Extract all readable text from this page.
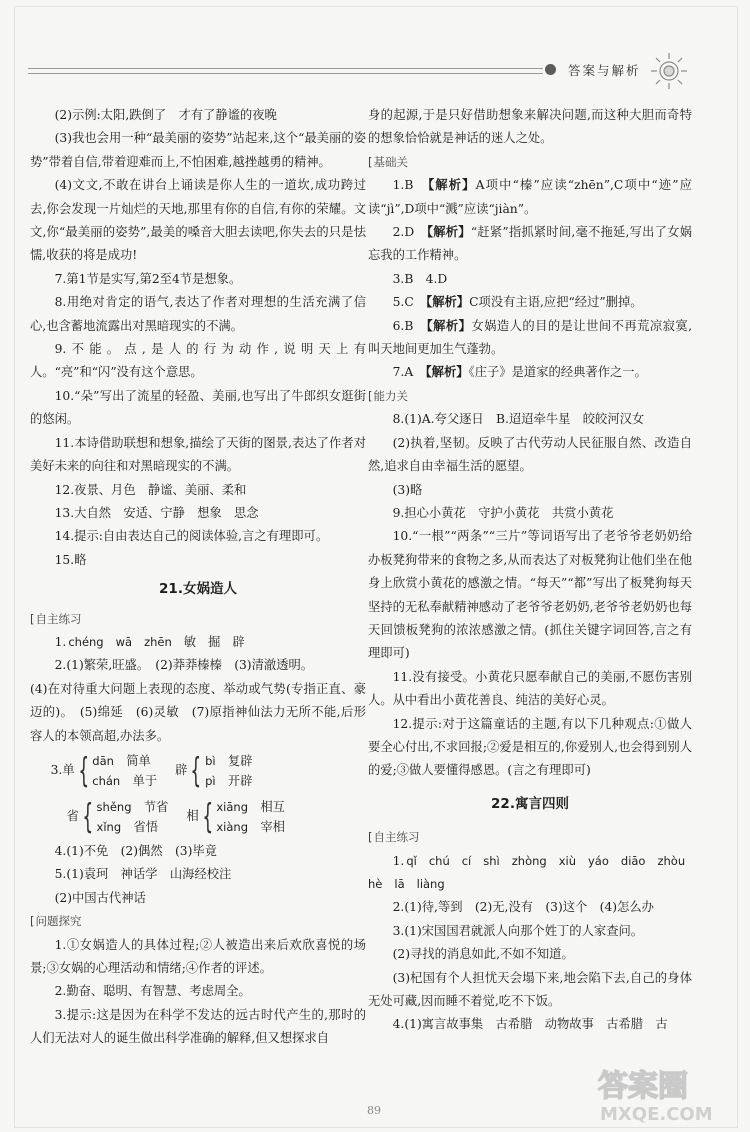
答案与解析

(2)示例:太阳,跌倒了　才有了静谧的夜晚

(3)我也会用一种“最美丽的姿势”站起来,这个“最美丽的姿势”带着自信,带着迎难而上,不怕困难,越挫越勇的精神。

(4)文文,不敢在讲台上诵读是你人生的一道坎,成功跨过去,你会发现一片灿烂的天地,那里有你的自信,有你的荣耀。文文,你“最美丽的姿势”,最美的嗓音大胆去读吧,你失去的只是怯懦,收获的将是成功!

7.第1节是实写,第2至4节是想象。

8.用绝对肯定的语气,表达了作者对理想的生活充满了信心,也含蓄地流露出对黑暗现实的不满。

9.不能。点,是人的行为动作,说明天上有人。“亮”和“闪”没有这个意思。

10.“朵”写出了流星的轻盈、美丽,也写出了牛郎织女逛街的悠闲。

11.本诗借助联想和想象,描绘了天街的图景,表达了作者对美好未来的向往和对黑暗现实的不满。

12.夜景、月色　静谧、美丽、柔和

13.大自然　安适、宁静　想象　思念

14.提示:自由表达自己的阅读体验,言之有理即可。

15.略

21.女娲造人

[ 自主练习

1. chéng wā zhēn 敏 掘 辟

2.(1)繁荣,旺盛。　(2)莽莽榛榛　(3)清澈透明。

(4)在对待重大问题上表现的态度、举动或气势(专指正直、豪迈的)。　(5)绵延　(6)灵敏　(7)原指神仙法力无所不能,后形容人的本领高超,办法多。

3.单 { dān　 简单
chán　 单于
辟 { bì　 复辟
pì　 开辟
省 { shěng　 节省
xǐng　 省悟
相 { xiāng　 相互
xiàng　 宰相

4.(1)不免　(2)偶然　(3)毕竟

5.(1)袁珂　神话学　山海经校注

(2)中国古代神话

[ 问题探究

1.①女娲造人的具体过程;②人被造出来后欢欣喜悦的场景;③女娲的心理活动和情绪;④作者的评述。

2.勤奋、聪明、有智慧、考虑周全。

3.提示:这是因为在科学不发达的远古时代产生的,那时的人们无法对人的诞生做出科学准确的解释,但又想探求自

身的起源,于是只好借助想象来解决问题,而这种大胆而奇特的想象恰恰就是神话的迷人之处。

[ 基础关

1.B　 【解析】A项中“榛”应读“zhēn”,C项中“迹”应读“jì”,D项中“溅”应读“jiàn”。

2.D　 【解析】“赶紧”指抓紧时间,毫不拖延,写出了女娲忘我的工作精神。

3.B　4.D

5.C　 【解析】C项没有主语,应把“经过”删掉。

6.B　 【解析】女娲造人的目的是让世间不再荒凉寂寞,叫天地间更加生气蓬勃。

7.A　 【解析】《庄子》是道家的经典著作之一。

[ 能力关

8.(1)A.夸父逐日　B.迢迢牵牛星　皎皎河汉女

(2)执着,坚韧。反映了古代劳动人民征服自然、改造自然,追求自由幸福生活的愿望。

(3)略

9.担心小黄花　守护小黄花　共赏小黄花

10.“一根”“两条”“三片”等词语写出了老爷爷老奶奶给办板凳狗带来的食物之多,从而表达了对板凳狗让他们坐在他身上欣赏小黄花的感激之情。“每天”“都”写出了板凳狗每天坚持的无私奉献精神感动了老爷爷老奶奶,老爷爷老奶奶也每天回馈板凳狗的浓浓感激之情。(抓住关键字词回答,言之有理即可)

11.没有接受。小黄花只愿奉献自己的美丽,不愿伤害别人。从中看出小黄花善良、纯洁的美好心灵。

12.提示:对于这篇童话的主题,有以下几种观点:①做人要全心付出,不求回报;②爱是相互的,你爱别人,也会得到别人的爱;③做人要懂得感恩。(言之有理即可)

22.寓言四则

[ 自主练习

1. qǐ chú cí shì zhòng xiù yáo diāo zhòu

hè lā liàng

2.(1)待,等到　(2)无,没有　(3)这个　(4)怎么办

3.(1)宋国国君就派人向那个姓丁的人家查问。

(2)寻找的消息如此,不如不知道。

(3)杞国有个人担忧天会塌下来,地会陷下去,自己的身体无处可藏,因而睡不着觉,吃不下饭。

4.(1)寓言故事集　古希腊　动物故事　古希腊　古

89
答案圈
MXQE.COM
